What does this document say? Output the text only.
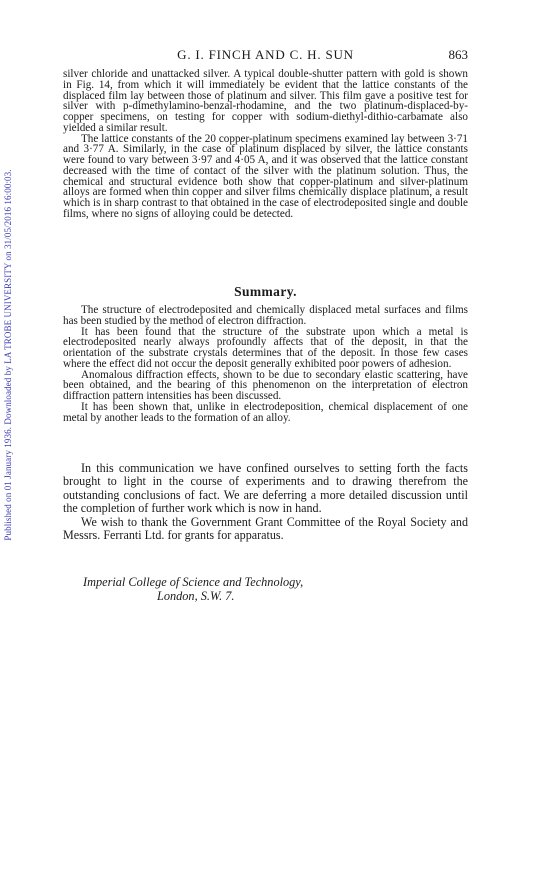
G. I. FINCH AND C. H. SUN	863
Published on 01 January 1936. Downloaded by LA TROBE UNIVERSITY on 31/05/2016 16:00:03.

silver chloride and unattacked silver. A typical double-shutter pattern with gold is shown in Fig. 14, from which it will immediately be evident that the lattice constants of the displaced film lay between those of platinum and silver. This film gave a positive test for silver with p-dimethylamino-benzal-rhodamine, and the two platinum-displaced-by-copper specimens, on testing for copper with sodium-diethyl-dithio-carbamate also yielded a similar result.

The lattice constants of the 20 copper-platinum specimens examined lay between 3·71 and 3·77 A. Similarly, in the case of platinum displaced by silver, the lattice constants were found to vary between 3·97 and 4·05 A, and it was observed that the lattice constant decreased with the time of contact of the silver with the platinum solution. Thus, the chemical and structural evidence both show that copper-platinum and silver-platinum alloys are formed when thin copper and silver films chemically displace platinum, a result which is in sharp contrast to that obtained in the case of electrodeposited single and double films, where no signs of alloying could be detected.

Summary.

The structure of electrodeposited and chemically displaced metal surfaces and films has been studied by the method of electron diffraction.

It has been found that the structure of the substrate upon which a metal is electrodeposited nearly always profoundly affects that of the deposit, in that the orientation of the substrate crystals determines that of the deposit. In those few cases where the effect did not occur the deposit generally exhibited poor powers of adhesion.

Anomalous diffraction effects, shown to be due to secondary elastic scattering, have been obtained, and the bearing of this phenomenon on the interpretation of electron diffraction pattern intensities has been discussed.

It has been shown that, unlike in electrodeposition, chemical displacement of one metal by another leads to the formation of an alloy.

In this communication we have confined ourselves to setting forth the facts brought to light in the course of experiments and to drawing therefrom the outstanding conclusions of fact. We are deferring a more detailed discussion until the completion of further work which is now in hand.

We wish to thank the Government Grant Committee of the Royal Society and Messrs. Ferranti Ltd. for grants for apparatus.

Imperial College of Science and Technology,
London, S.W. 7.
